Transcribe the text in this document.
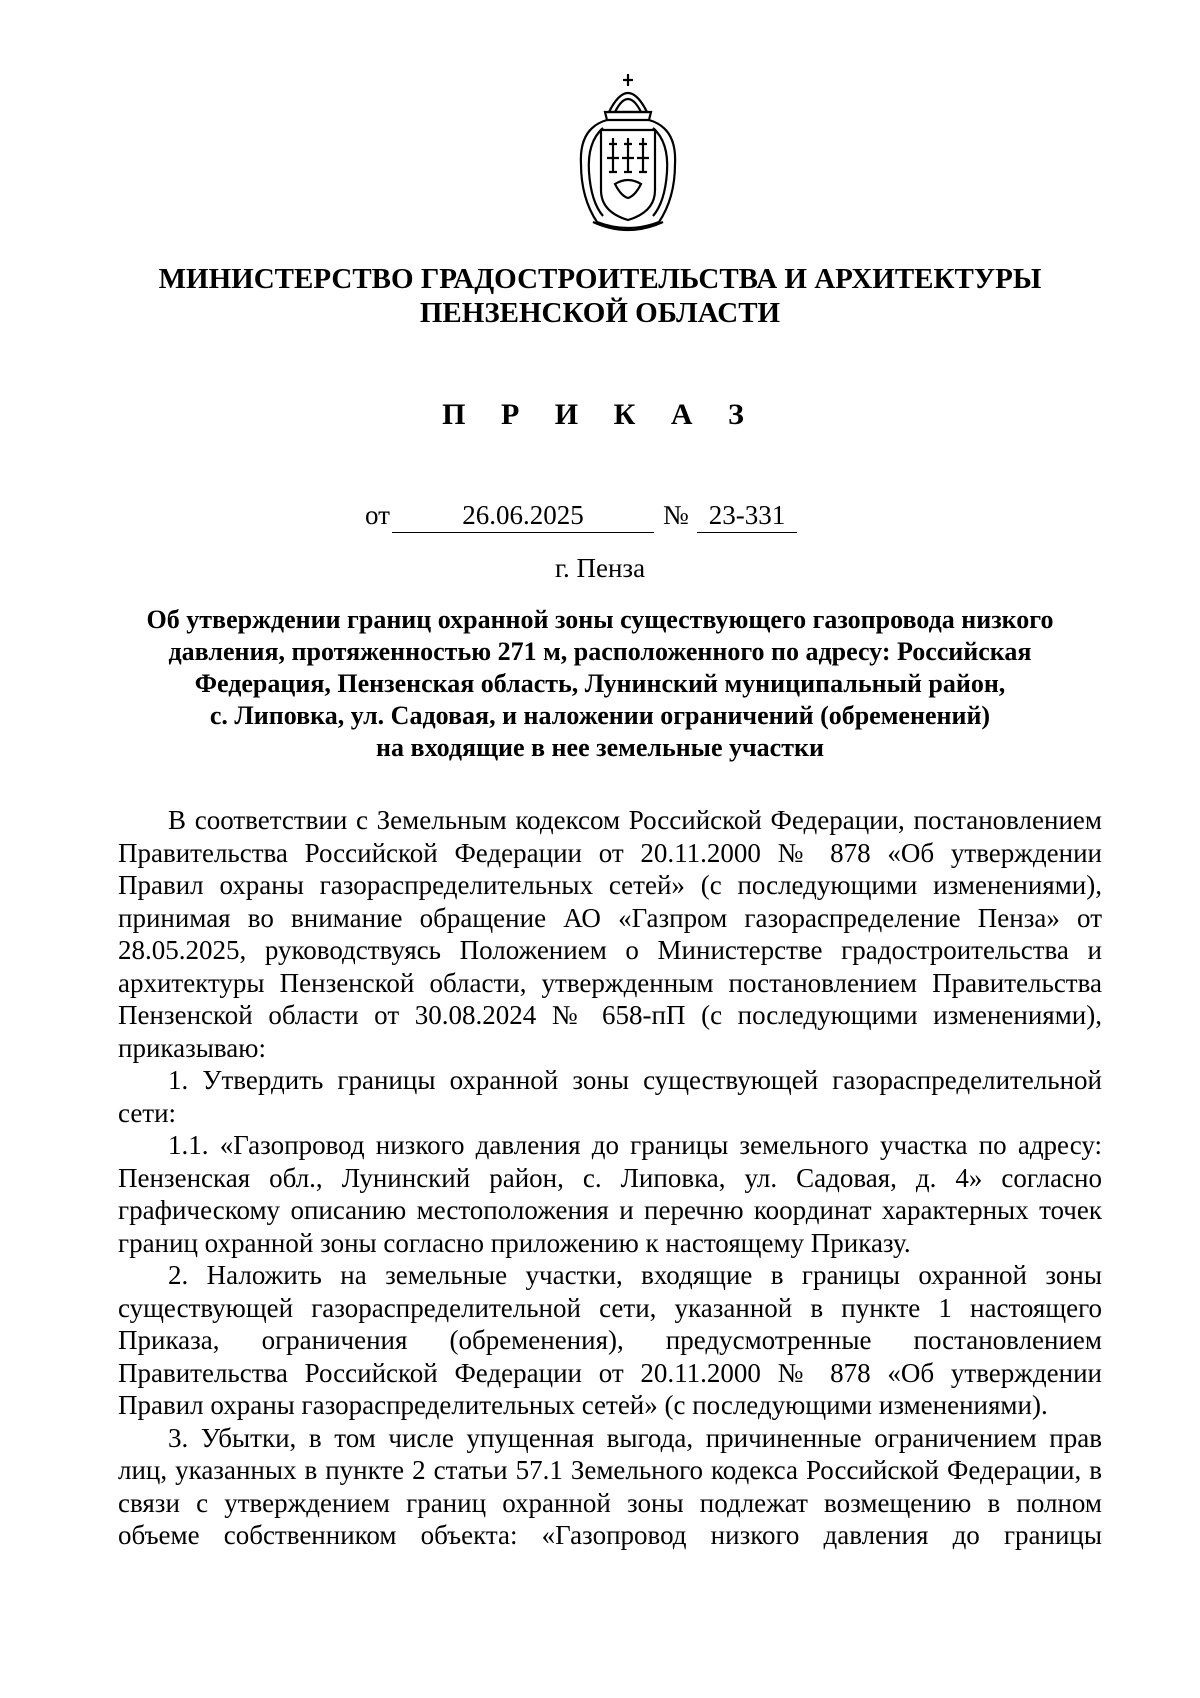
МИНИСТЕРСТВО ГРАДОСТРОИТЕЛЬСТВА И АРХИТЕКТУРЫ
ПЕНЗЕНСКОЙ ОБЛАСТИ
П Р И К А З
от	26.06.2025	№ 23-331
г. Пенза
Об утверждении границ охранной зоны существующего газопровода низкого
давления, протяженностью 271 м, расположенного по адресу: Российская
Федерация, Пензенская область, Лунинский муниципальный район,
с. Липовка, ул. Садовая, и наложении ограничений (обременений)
на входящие в нее земельные участки

В соответствии с Земельным кодексом Российской Федерации, постановлением Правительства Российской Федерации от 20.11.2000 № 878 «Об утверждении Правил охраны газораспределительных сетей» (с последующими изменениями), принимая во внимание обращение АО «Газпром газораспределение Пенза» от 28.05.2025, руководствуясь Положением о Министерстве градостроительства и архитектуры Пензенской области, утвержденным постановлением Правительства Пензенской области от 30.08.2024 № 658-пП (с последующими изменениями), приказываю:

1. Утвердить границы охранной зоны существующей газораспределительной сети:

1.1. «Газопровод низкого давления до границы земельного участка по адресу: Пензенская обл., Лунинский район, с. Липовка, ул. Садовая, д. 4» согласно графическому описанию местоположения и перечню координат характерных точек границ охранной зоны согласно приложению к настоящему Приказу.

2. Наложить на земельные участки, входящие в границы охранной зоны существующей газораспределительной сети, указанной в пункте 1 настоящего Приказа, ограничения (обременения), предусмотренные постановлением Правительства Российской Федерации от 20.11.2000 № 878 «Об утверждении Правил охраны газораспределительных сетей» (с последующими изменениями).

3. Убытки, в том числе упущенная выгода, причиненные ограничением прав лиц, указанных в пункте 2 статьи 57.1 Земельного кодекса Российской Федерации, в связи с утверждением границ охранной зоны подлежат возмещению в полном объеме собственником объекта: «Газопровод низкого давления до границы
